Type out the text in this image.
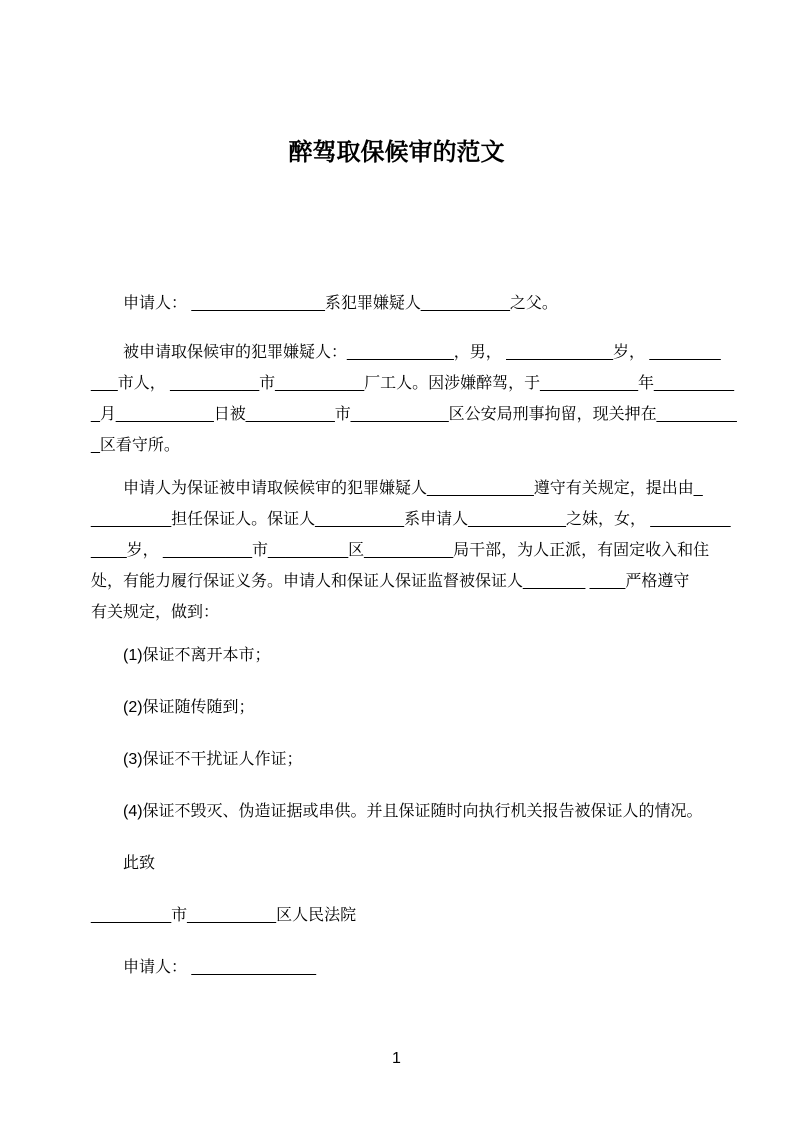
醉驾取保候审的范文
申请人： _______________系犯罪嫌疑人__________之父。
被申请取保候审的犯罪嫌疑人：____________，男， ____________岁， ________
___市人， __________市__________厂工人。因涉嫌醉驾，于___________年_________
_月___________日被__________市___________区公安局刑事拘留，现关押在_________
_区看守所。
申请人为保证被申请取候候审的犯罪嫌疑人____________遵守有关规定，提出由_
_________担任保证人。保证人__________系申请人___________之妹，女， _________
____岁， __________市_________区__________局干部，为人正派，有固定收入和住
处，有能力履行保证义务。申请人和保证人保证监督被保证人_______ ____严格遵守
有关规定，做到：
(1)保证不离开本市；
(2)保证随传随到；
(3)保证不干扰证人作证；
(4)保证不毁灭、伪造证据或串供。并且保证随时向执行机关报告被保证人的情况。
此致
_________市__________区人民法院
申请人： ______________
1
